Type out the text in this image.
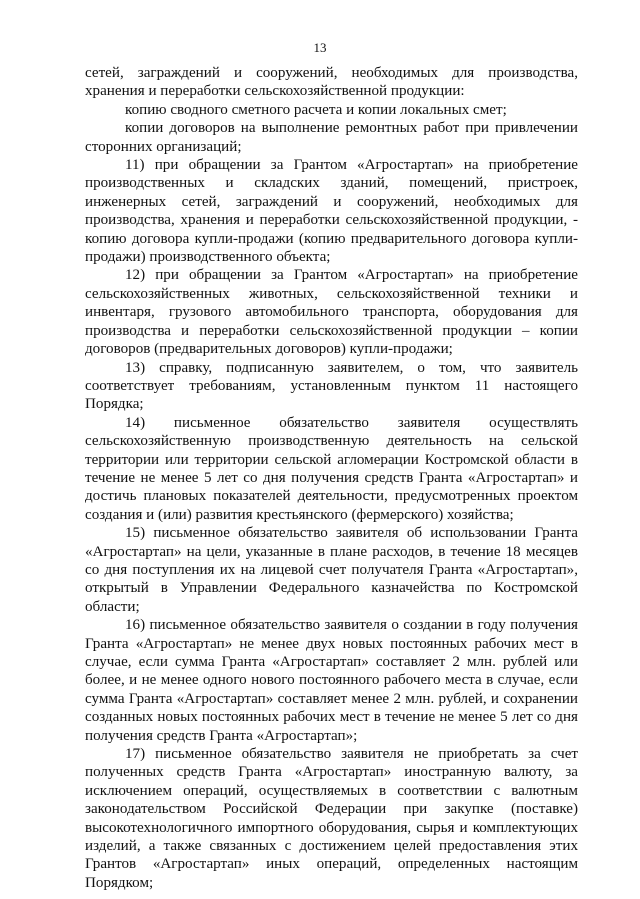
13

сетей, заграждений и сооружений, необходимых для производства, хранения и переработки сельскохозяйственной продукции:

копию сводного сметного расчета и копии локальных смет;

копии договоров на выполнение ремонтных работ при привлечении сторонних организаций;

11) при обращении за Грантом «Агростартап» на приобретение производственных и складских зданий, помещений, пристроек, инженерных сетей, заграждений и сооружений, необходимых для производства, хранения и переработки сельскохозяйственной продукции, - копию договора купли-продажи (копию предварительного договора купли-продажи) производственного объекта;

12) при обращении за Грантом «Агростартап» на приобретение сельскохозяйственных животных, сельскохозяйственной техники и инвентаря, грузового автомобильного транспорта, оборудования для производства и переработки сельскохозяйственной продукции – копии договоров (предварительных договоров) купли-продажи;

13) справку, подписанную заявителем, о том, что заявитель соответствует требованиям, установленным пунктом 11 настоящего Порядка;

14) письменное обязательство заявителя осуществлять сельскохозяйственную производственную деятельность на сельской территории или территории сельской агломерации Костромской области в течение не менее 5 лет со дня получения средств Гранта «Агростартап» и достичь плановых показателей деятельности, предусмотренных проектом создания и (или) развития крестьянского (фермерского) хозяйства;

15) письменное обязательство заявителя об использовании Гранта «Агростартап» на цели, указанные в плане расходов, в течение 18 месяцев со дня поступления их на лицевой счет получателя Гранта «Агростартап», открытый в Управлении Федерального казначейства по Костромской области;

16) письменное обязательство заявителя о создании в году получения Гранта «Агростартап» не менее двух новых постоянных рабочих мест в случае, если сумма Гранта «Агростартап» составляет 2 млн. рублей или более, и не менее одного нового постоянного рабочего места в случае, если сумма Гранта «Агростартап» составляет менее 2 млн. рублей, и сохранении созданных новых постоянных рабочих мест в течение не менее 5 лет со дня получения средств Гранта «Агростартап»;

17) письменное обязательство заявителя не приобретать за счет полученных средств Гранта «Агростартап» иностранную валюту, за исключением операций, осуществляемых в соответствии с валютным законодательством Российской Федерации при закупке (поставке) высокотехнологичного импортного оборудования, сырья и комплектующих изделий, а также связанных с достижением целей предоставления этих Грантов «Агростартап» иных операций, определенных настоящим Порядком;
